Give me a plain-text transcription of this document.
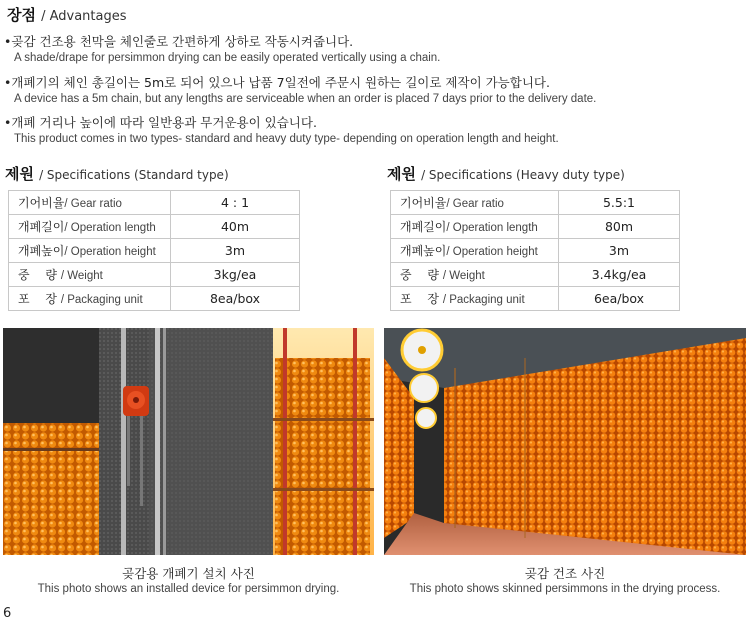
장점 / Advantages
•곶감 건조용 천막을 체인줄로 간편하게 상하로 작동시켜줍니다.
A shade/drape for persimmon drying can be easily operated vertically using a chain.
•개폐기의 체인 총길이는 5m로 되어 있으나 납품 7일전에 주문시 원하는 길이로 제작이 가능합니다.
A device has a 5m chain, but any lengths are serviceable when an order is placed 7 days prior to the delivery date.
•개폐 거리나 높이에 따라 일반용과 무거운용이 있습니다.
This product comes in two types- standard and heavy duty type- depending on operation length and height.
제원 / Specifications (Standard type)
기어비율/ Gear ratio	4 : 1
개폐길이/ Operation length	40m
개폐높이/ Operation height	3m
중　 량 / Weight	3kg/ea
포　 장 / Packaging unit	8ea/box
제원 / Specifications (Heavy duty type)
기어비율/ Gear ratio	5.5:1
개폐길이/ Operation length	80m
개폐높이/ Operation height	3m
중　 량 / Weight	3.4kg/ea
포　 장 / Packaging unit	6ea/box
곶감용 개폐기 설치 사진
This photo shows an installed device for persimmon drying.
곶감 건조 사진
This photo shows skinned persimmons in the drying process.
6
